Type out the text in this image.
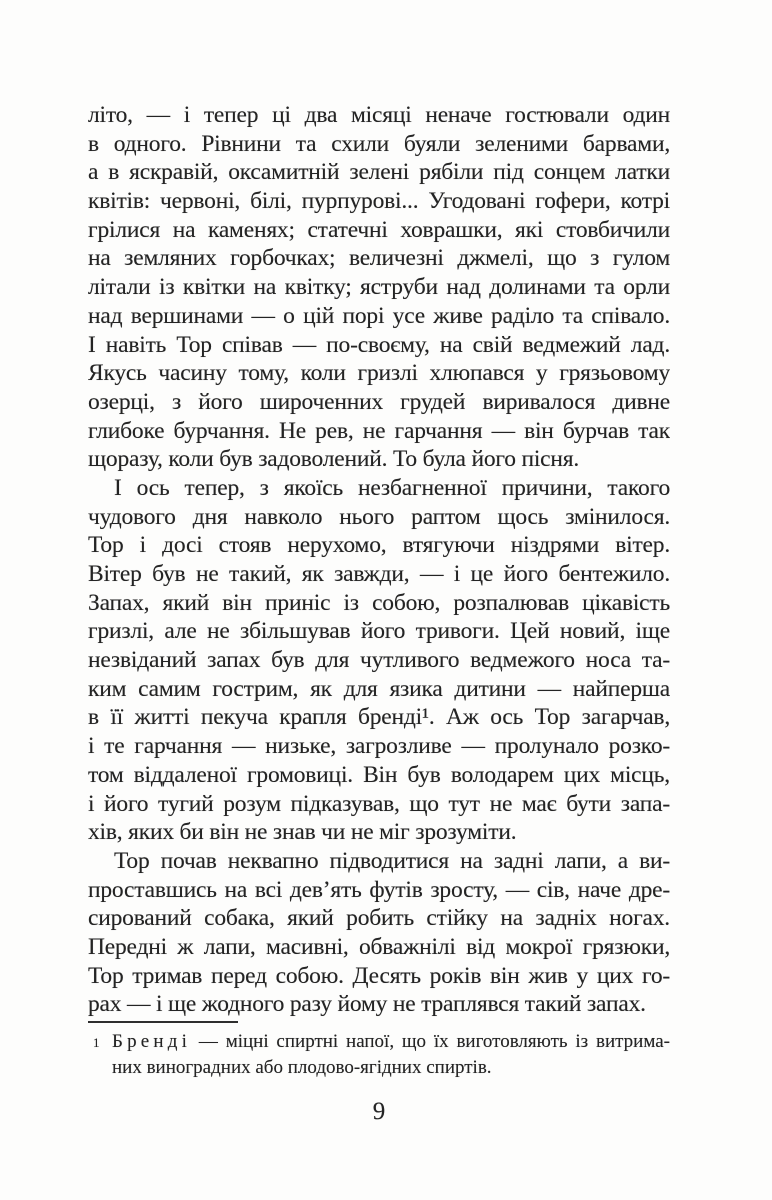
літо, — і тепер ці два місяці неначе гостювали один
в одного. Рівнини та схили буяли зеленими барвами,
а в яскравій, оксамитній зелені рябіли під сонцем латки
квітів: червоні, білі, пурпурові... Угодовані гофери, котрі
грілися на каменях; статечні ховрашки, які стовбичили
на земляних горбочках; величезні джмелі, що з гулом
літали із квітки на квітку; яструби над долинами та орли
над вершинами — о цій порі усе живе раділо та співало.
І навіть Тор співав — по-своєму, на свій ведмежий лад.
Якусь часину тому, коли гризлі хлюпався у грязьовому
озерці, з його широченних грудей виривалося дивне
глибоке бурчання. Не рев, не гарчання — він бурчав так
щоразу, коли був задоволений. То була його пісня.
І ось тепер, з якоїсь незбагненної причини, такого
чудового дня навколо нього раптом щось змінилося.
Тор і досі стояв нерухомо, втягуючи ніздрями вітер.
Вітер був не такий, як завжди, — і це його бентежило.
Запах, який він приніс із собою, розпалював цікавість
гризлі, але не збільшував його тривоги. Цей новий, іще
незвіданий запах був для чутливого ведмежого носа та-
ким самим гострим, як для язика дитини — найперша
в її житті пекуча крапля бренді¹. Аж ось Тор загарчав,
і те гарчання — низьке, загрозливе — пролунало розко-
том віддаленої громовиці. Він був володарем цих місць,
і його тугий розум підказував, що тут не має бути запа-
хів, яких би він не знав чи не міг зрозуміти.
Тор почав неквапно підводитися на задні лапи, а ви-
проставшись на всі дев’ять футів зросту, — сів, наче дре-
сирований собака, який робить стійку на задніх ногах.
Передні ж лапи, масивні, обважнілі від мокрої грязюки,
Тор тримав перед собою. Десять років він жив у цих го-
рах — і ще жодного разу йому не траплявся такий запах.
1 Бренді — міцні спиртні напої, що їх виготовляють із витрима-
них виноградних або плодово-ягідних спиртів.
9
